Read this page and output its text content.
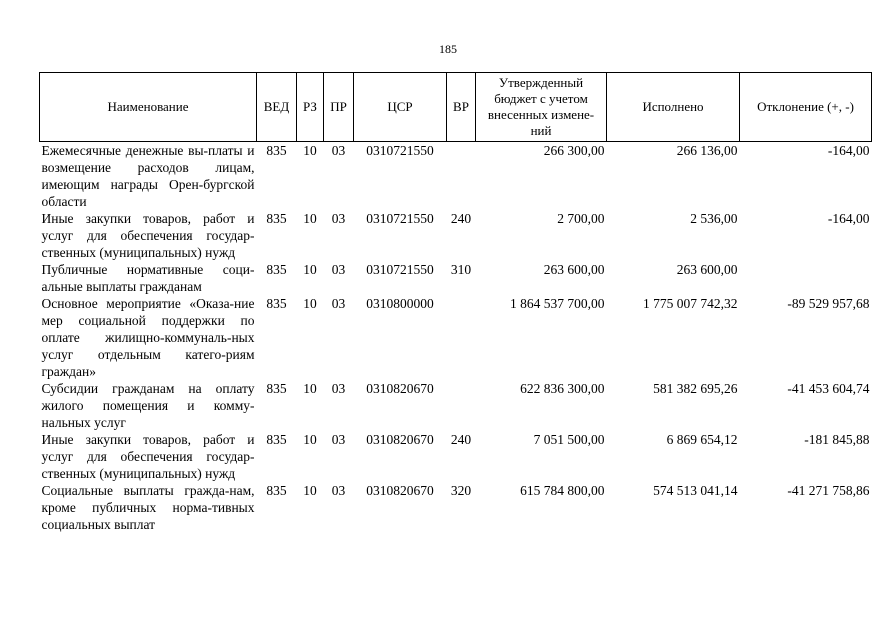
185
Наименование	ВЕД	РЗ	ПР	ЦСР	ВР	Утвержденный бюджет с учетом внесенных измене-ний	Исполнено	Отклонение (+, -)
Ежемесячные денежные вы-платы и возмещение расходов лицам, имеющим награды Орен-бургской области	835	10	03	0310721550		266 300,00	266 136,00	-164,00
Иные закупки товаров, работ и услуг для обеспечения государ-ственных (муниципальных) нужд	835	10	03	0310721550	240	2 700,00	2 536,00	-164,00
Публичные нормативные соци-альные выплаты гражданам	835	10	03	0310721550	310	263 600,00	263 600,00	
Основное мероприятие «Оказа-ние мер социальной поддержки по оплате жилищно-коммуналь-ных услуг отдельным катего-риям граждан»	835	10	03	0310800000		1 864 537 700,00	1 775 007 742,32	-89 529 957,68
Субсидии гражданам на оплату жилого помещения и комму-нальных услуг	835	10	03	0310820670		622 836 300,00	581 382 695,26	-41 453 604,74
Иные закупки товаров, работ и услуг для обеспечения государ-ственных (муниципальных) нужд	835	10	03	0310820670	240	7 051 500,00	6 869 654,12	-181 845,88
Социальные выплаты гражда-нам, кроме публичных норма-тивных социальных выплат	835	10	03	0310820670	320	615 784 800,00	574 513 041,14	-41 271 758,86
